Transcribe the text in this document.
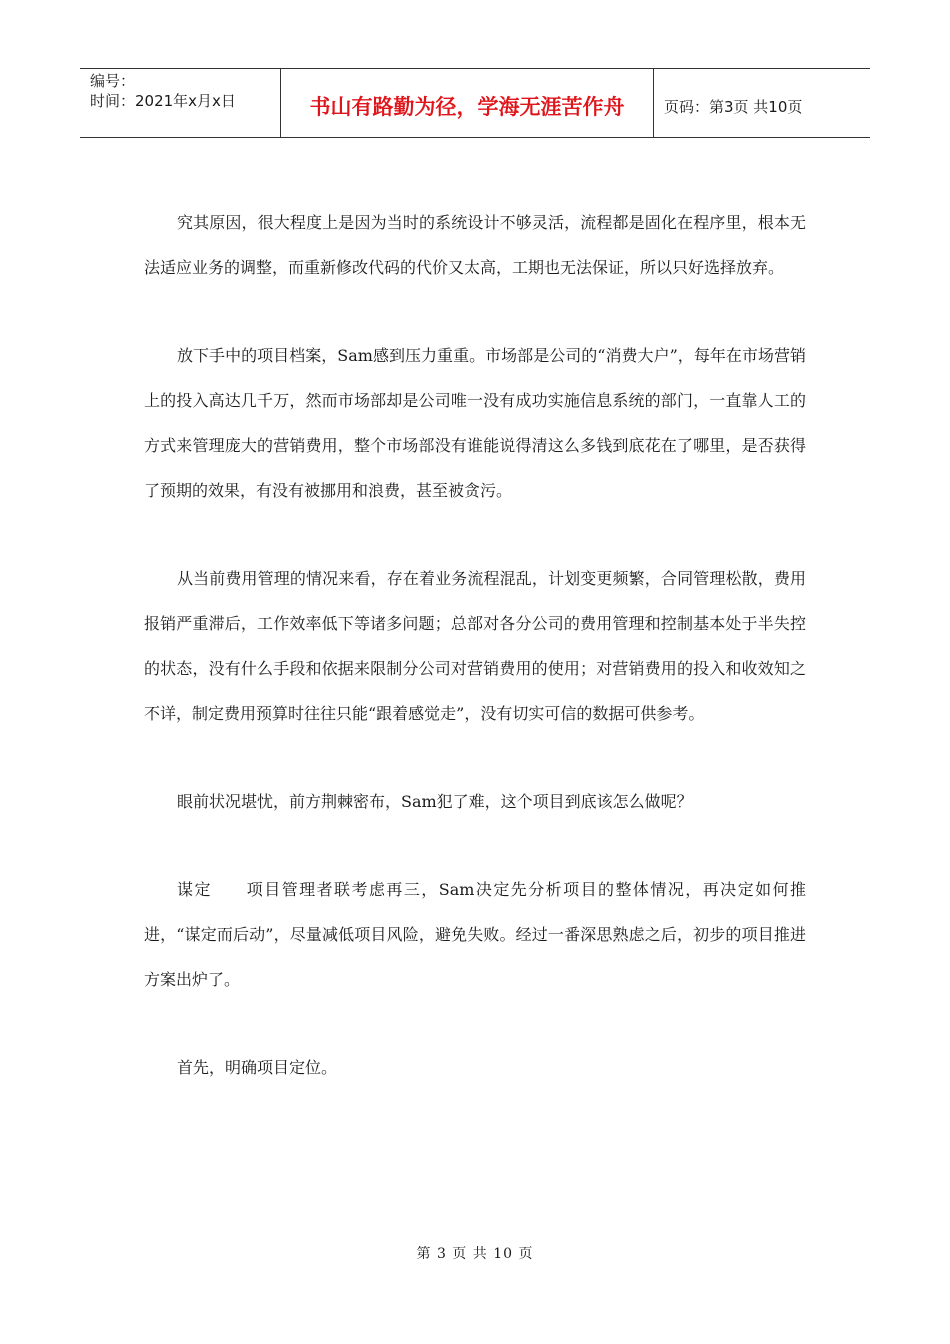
编号：
时间：2021年x月x日	书山有路勤为径，学海无涯苦作舟	页码：第3页 共10页

究其原因，很大程度上是因为当时的系统设计不够灵活，流程都是固化在程序里，根本无法适应业务的调整，而重新修改代码的代价又太高，工期也无法保证，所以只好选择放弃。

放下手中的项目档案，Sam感到压力重重。市场部是公司的“消费大户”，每年在市场营销上的投入高达几千万，然而市场部却是公司唯一没有成功实施信息系统的部门，一直靠人工的方式来管理庞大的营销费用，整个市场部没有谁能说得清这么多钱到底花在了哪里，是否获得了预期的效果，有没有被挪用和浪费，甚至被贪污。

从当前费用管理的情况来看，存在着业务流程混乱，计划变更频繁，合同管理松散，费用报销严重滞后，工作效率低下等诸多问题；总部对各分公司的费用管理和控制基本处于半失控的状态，没有什么手段和依据来限制分公司对营销费用的使用；对营销费用的投入和收效知之不详，制定费用预算时往往只能“跟着感觉走”，没有切实可信的数据可供参考。

眼前状况堪忧，前方荆棘密布，Sam犯了难，这个项目到底该怎么做呢？

谋定　　项目管理者联考虑再三，Sam决定先分析项目的整体情况，再决定如何推进，“谋定而后动”，尽量减低项目风险，避免失败。经过一番深思熟虑之后，初步的项目推进方案出炉了。

首先，明确项目定位。

第 3 页 共 10 页
